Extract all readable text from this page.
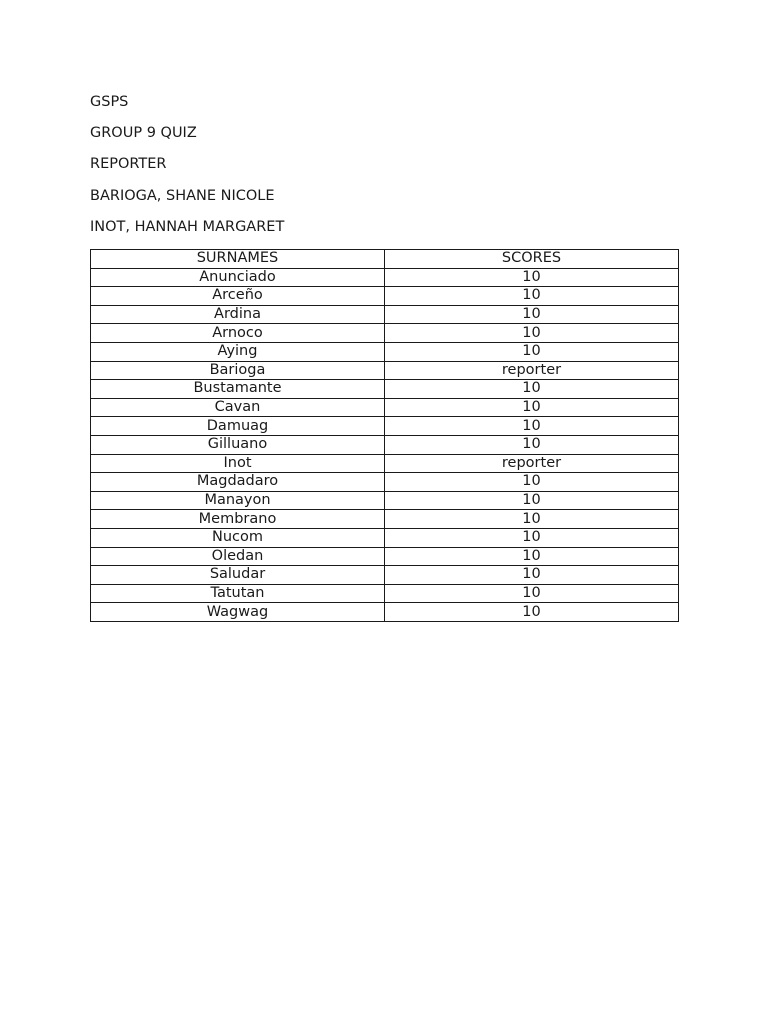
GSPS
GROUP 9 QUIZ
REPORTER
BARIOGA, SHANE NICOLE
INOT, HANNAH MARGARET
SURNAMES	SCORES
Anunciado	10
Arceño	10
Ardina	10
Arnoco	10
Aying	10
Barioga	reporter
Bustamante	10
Cavan	10
Damuag	10
Gilluano	10
Inot	reporter
Magdadaro	10
Manayon	10
Membrano	10
Nucom	10
Oledan	10
Saludar	10
Tatutan	10
Wagwag	10
